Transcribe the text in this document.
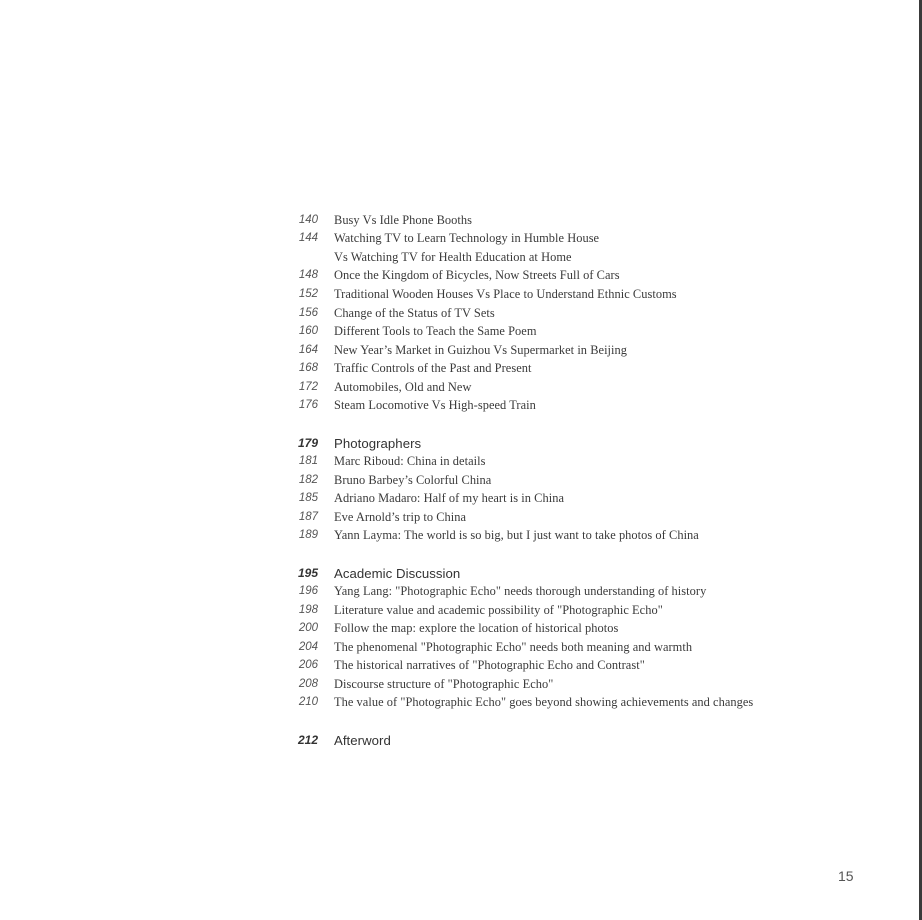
140 Busy Vs Idle Phone Booths
144 Watching TV to Learn Technology in Humble House
Vs Watching TV for Health Education at Home
148 Once the Kingdom of Bicycles, Now Streets Full of Cars
152 Traditional Wooden Houses Vs Place to Understand Ethnic Customs
156 Change of the Status of TV Sets
160 Different Tools to Teach the Same Poem
164 New Year’s Market in Guizhou Vs Supermarket in Beijing
168 Traffic Controls of the Past and Present
172 Automobiles, Old and New
176 Steam Locomotive Vs High-speed Train
179 Photographers
181 Marc Riboud: China in details
182 Bruno Barbey’s Colorful China
185 Adriano Madaro: Half of my heart is in China
187 Eve Arnold’s trip to China
189 Yann Layma: The world is so big, but I just want to take photos of China
195 Academic Discussion
196 Yang Lang: "Photographic Echo" needs thorough understanding of history
198 Literature value and academic possibility of "Photographic Echo"
200 Follow the map: explore the location of historical photos
204 The phenomenal "Photographic Echo" needs both meaning and warmth
206 The historical narratives of "Photographic Echo and Contrast"
208 Discourse structure of "Photographic Echo"
210 The value of "Photographic Echo" goes beyond showing achievements and changes
212 Afterword
15
